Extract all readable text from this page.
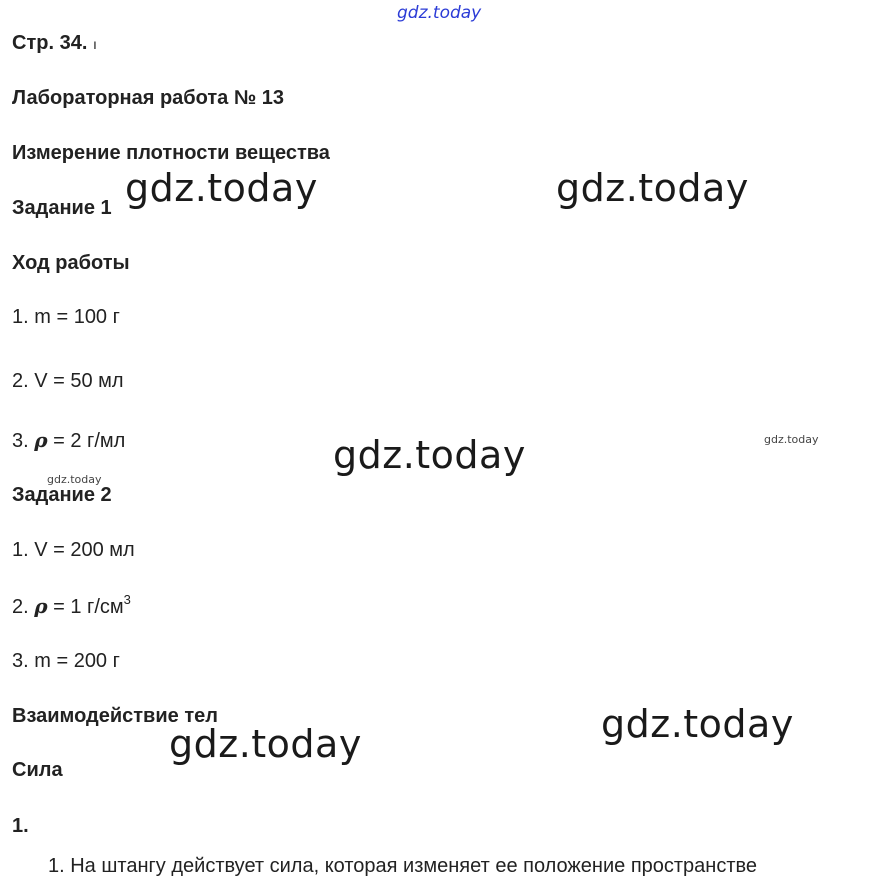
Стр. 34. ı
Лабораторная работа № 13
Измерение плотности вещества
Задание 1
Ход работы
1. m = 100 г
2. V = 50 мл
3. ρ = 2 г/мл
Задание 2
1. V = 200 мл
2. ρ = 1 $г/см^3$
3. m = 200 г
Взаимодействие тел
Сила
1.
1. На штангу действует сила, которая изменяет ее положение пространстве
gdz.today
gdz.today	gdz.today
gdz.today
gdz.today
gdz.today
gdz.today
gdz.today
